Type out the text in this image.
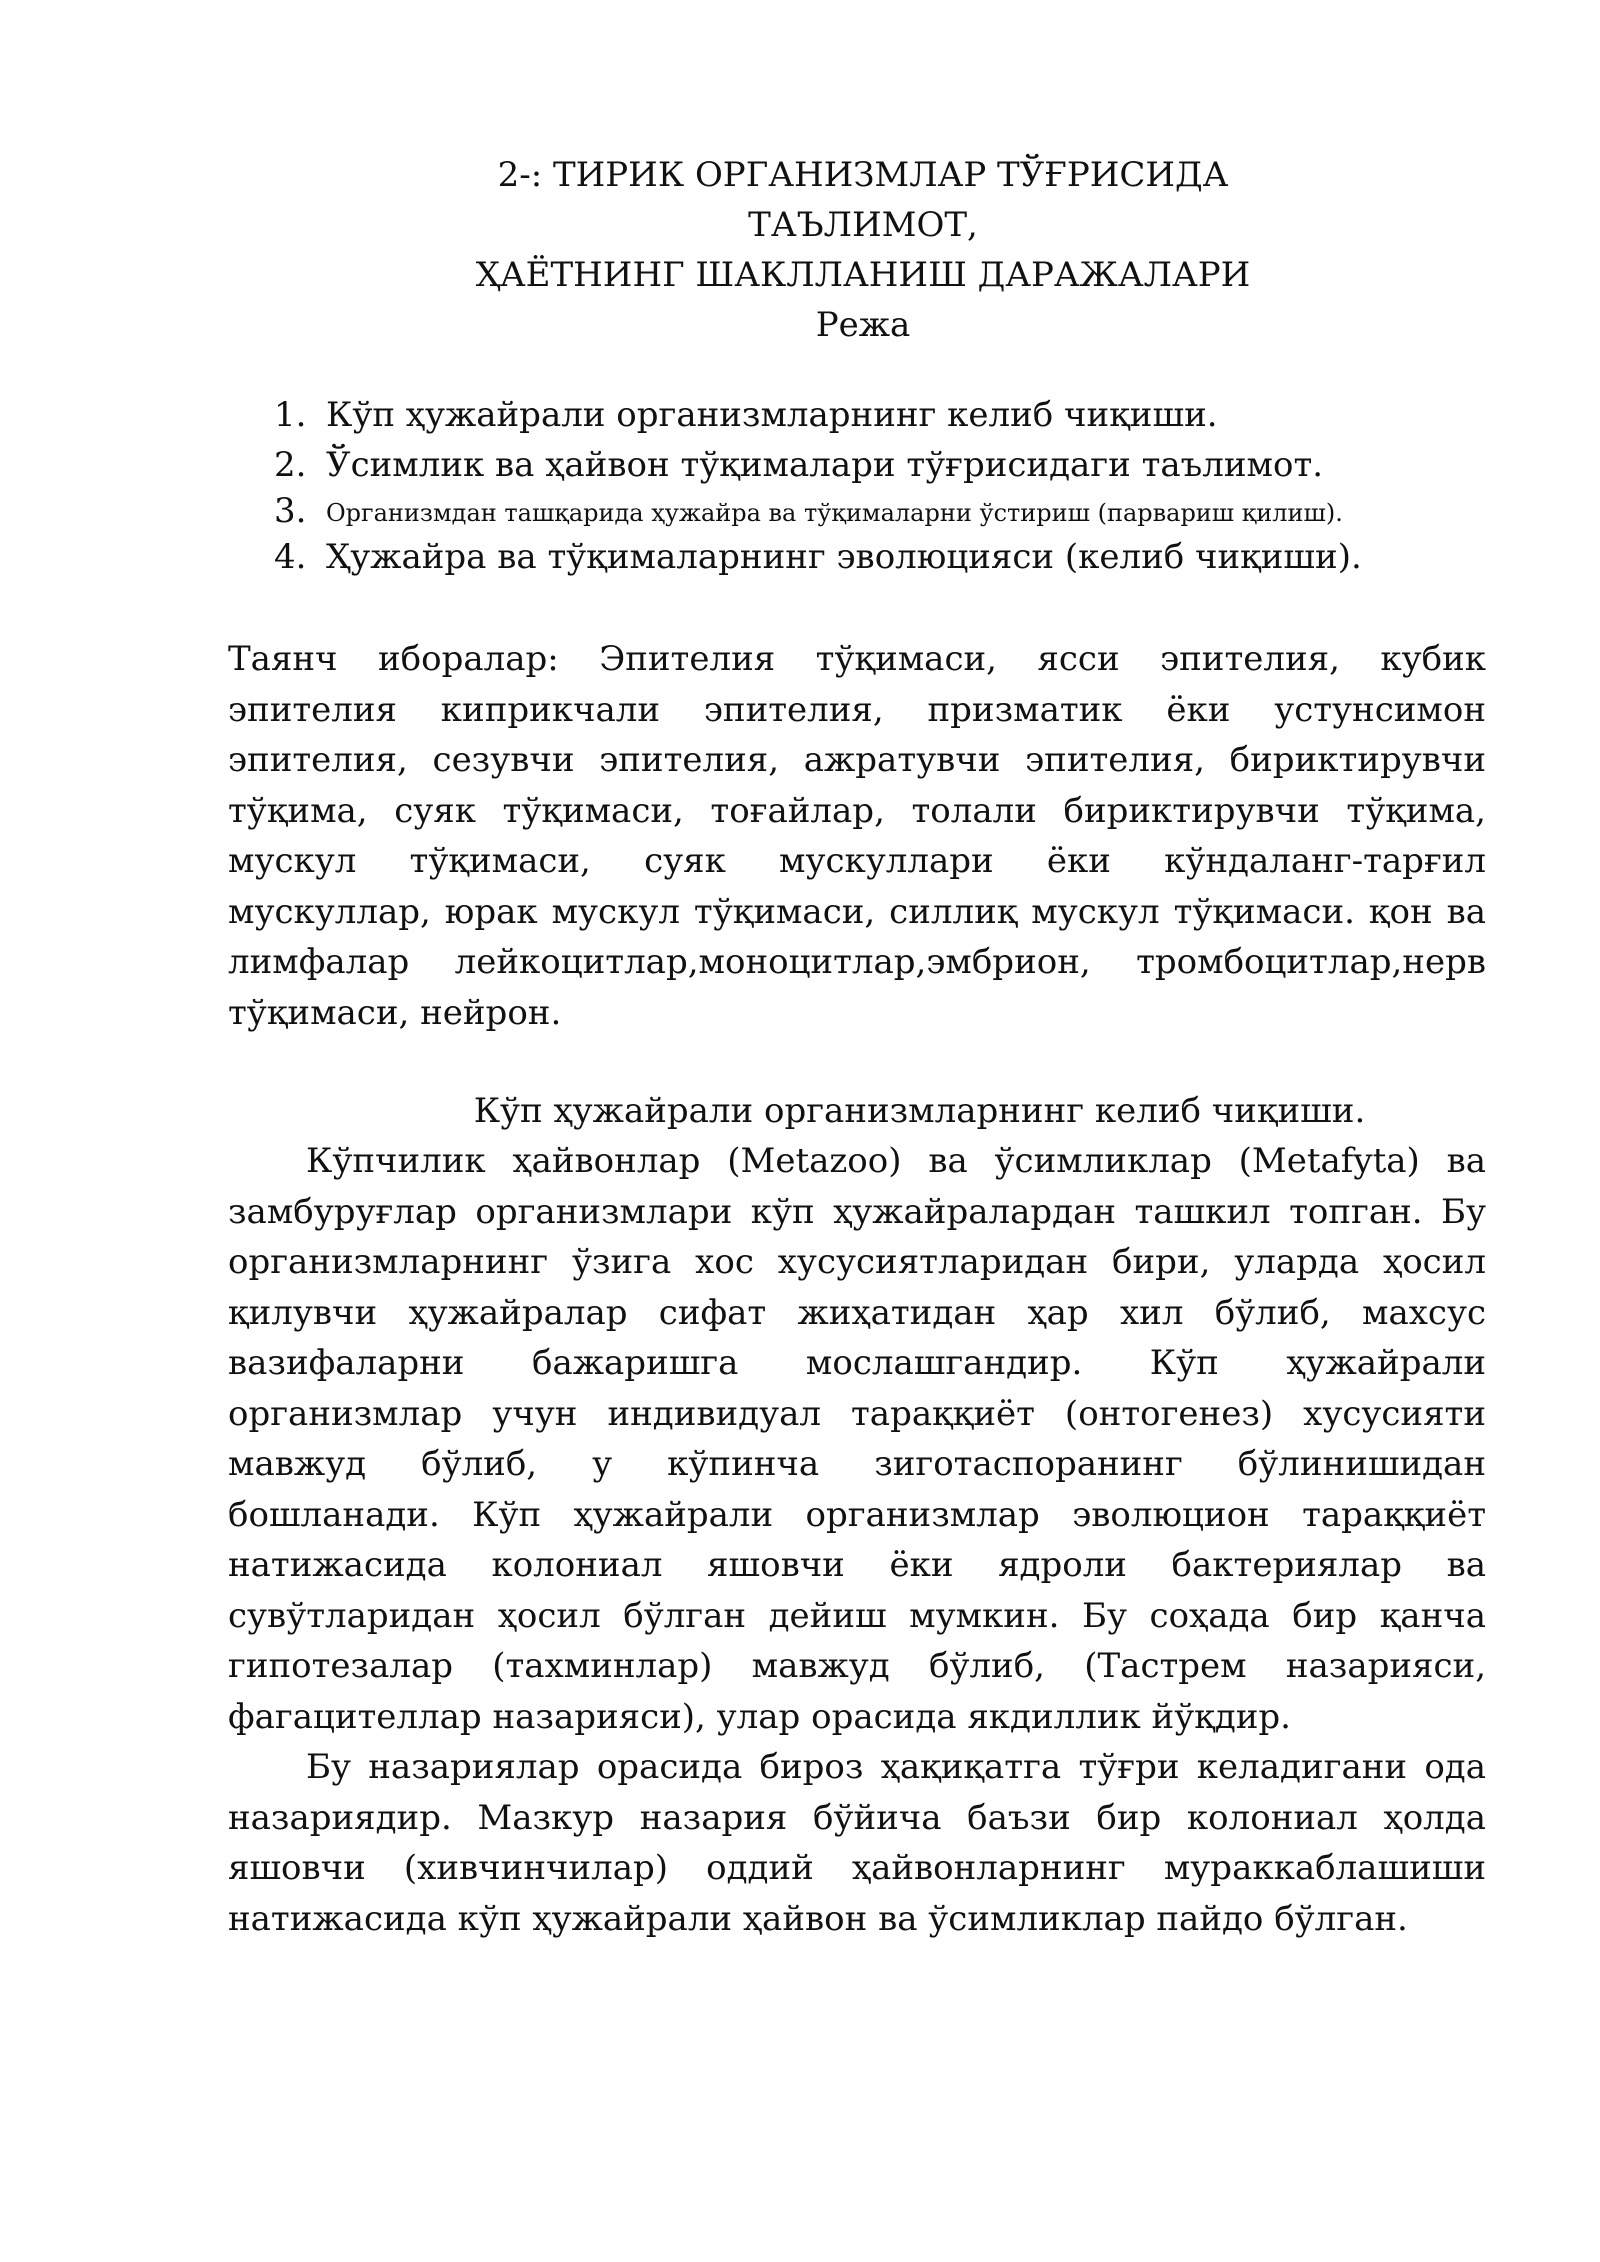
2-: ТИРИК ОРГАНИЗМЛАР ТЎҒРИСИДА ТАЪЛИМОТ,
ҲАЁТНИНГ ШАКЛЛАНИШ ДАРАЖАЛАРИ
Режа
1. Кўп ҳужайрали организмларнинг келиб чиқиши.
2. Ўсимлик ва ҳайвон тўқималари тўғрисидаги таълимот.
3. Организмдан ташқарида ҳужайра ва тўқималарни ўстириш (парвариш қилиш).
4. Ҳужайра ва тўқималарнинг эволюцияси (келиб чиқиши).

Таянч иборалар: Эпителия тўқимаси, ясси эпителия, кубик эпителия киприкчали эпителия, призматик ёки устунсимон эпителия, сезувчи эпителия, ажратувчи эпителия, бириктирувчи тўқима, суяк тўқимаси, тоғайлар, толали бириктирувчи тўқима, мускул тўқимаси, суяк мускуллари ёки кўндаланг-тарғил мускуллар, юрак мускул тўқимаси, силлиқ мускул тўқимаси. қон ва лимфалар лейкоцитлар,моноцитлар,эмбрион, тромбоцитлар,нерв тўқимаси, нейрон.

Кўп ҳужайрали организмларнинг келиб чиқиши.

Кўпчилик ҳайвонлар (Metazoo) ва ўсимликлар (Metafyta) ва замбуруғлар организмлари кўп ҳужайралардан ташкил топган. Бу организмларнинг ўзига хос хусусиятларидан бири, уларда ҳосил қилувчи ҳужайралар сифат жиҳатидан ҳар хил бўлиб, махсус вазифаларни бажаришга мослашгандир. Кўп ҳужайрали организмлар учун индивидуал тараққиёт (онтогенез) хусусияти мавжуд бўлиб, у кўпинча зиготаспоранинг бўлинишидан бошланади. Кўп ҳужайрали организмлар эволюцион тараққиёт натижасида колониал яшовчи ёки ядроли бактериялар ва сувўтларидан ҳосил бўлган дейиш мумкин. Бу соҳада бир қанча гипотезалар (тахминлар) мавжуд бўлиб, (Тастрем назарияси, фагацителлар назарияси), улар орасида якдиллик йўқдир.

Бу назариялар орасида бироз ҳақиқатга тўғри келадигани ода назариядир. Мазкур назария бўйича баъзи бир колониал ҳолда яшовчи (хивчинчилар) оддий ҳайвонларнинг мураккаблашиши натижасида кўп ҳужайрали ҳайвон ва ўсимликлар пайдо бўлган.
